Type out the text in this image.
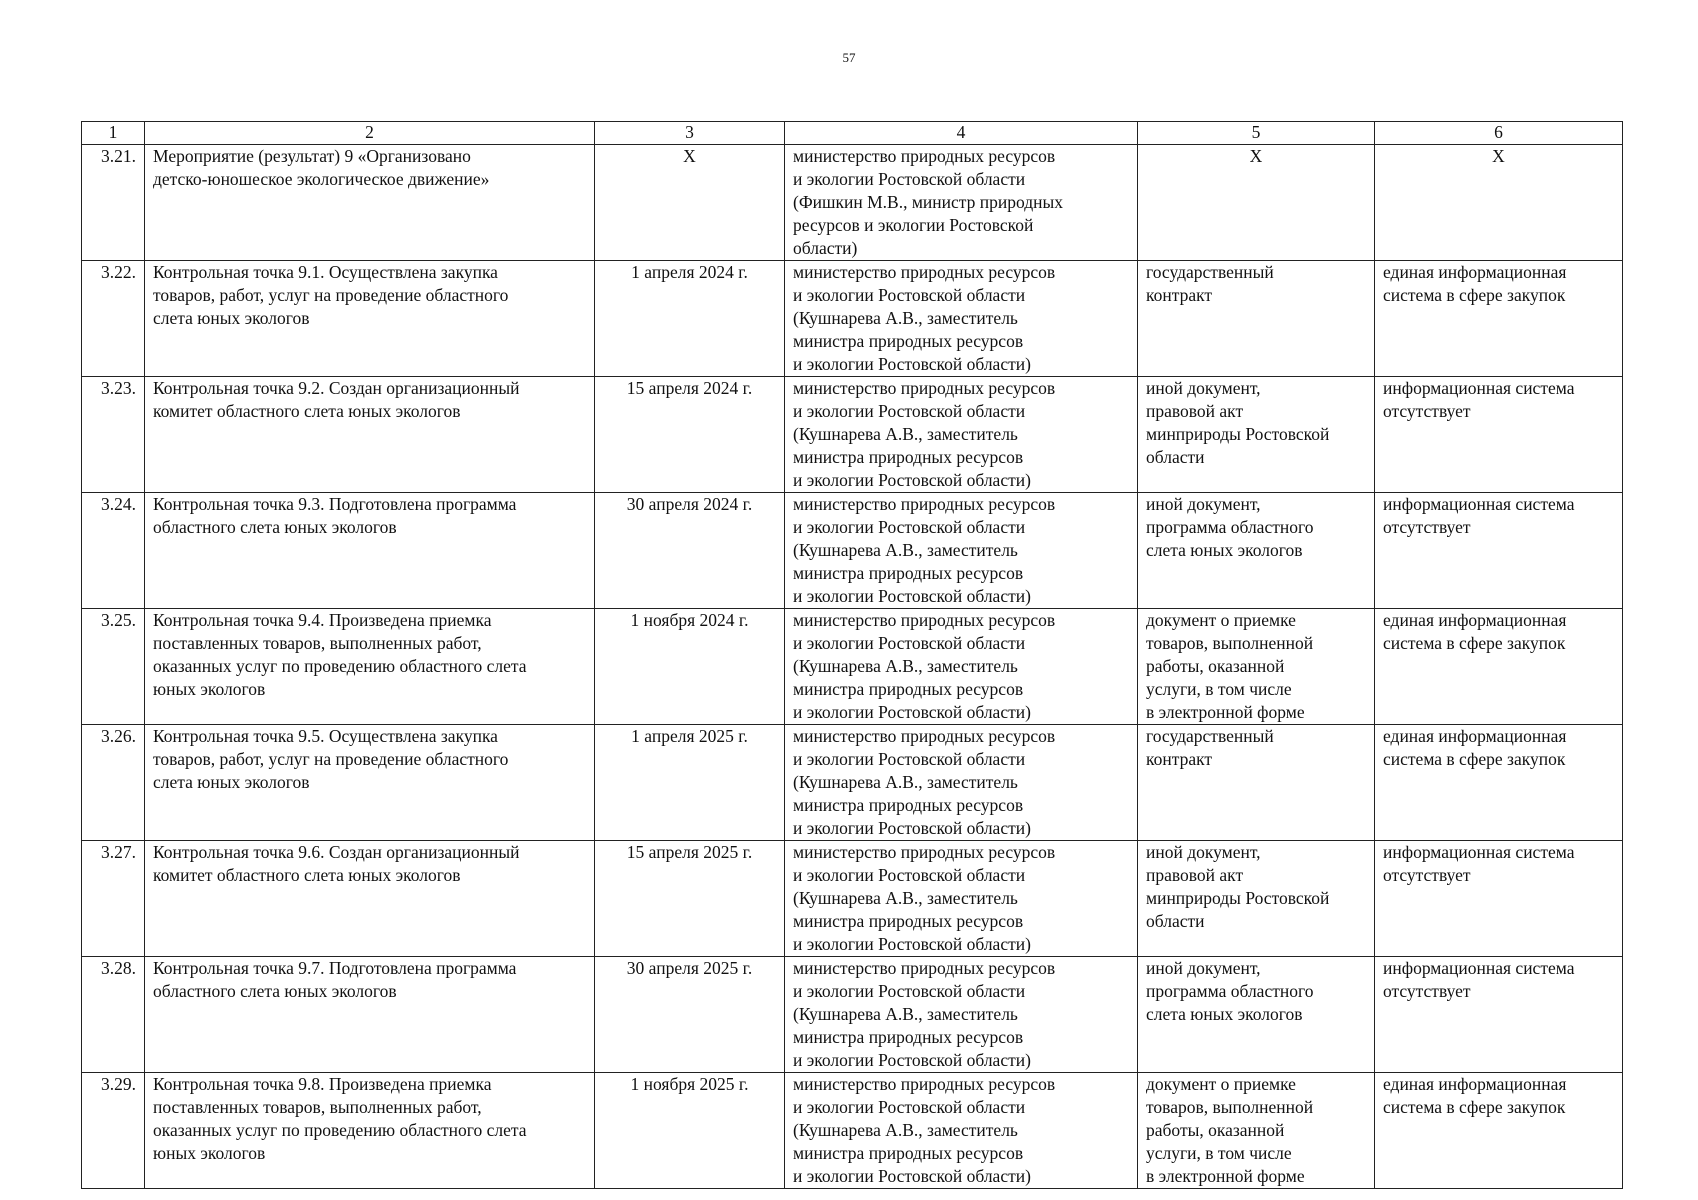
57
1	2	3	4	5	6
3.21.	Мероприятие (результат) 9 «Организовано
детско-юношеское экологическое движение»	Х	министерство природных ресурсов
и экологии Ростовской области
(Фишкин М.В., министр природных
ресурсов и экологии Ростовской
области)	Х	Х
3.22.	Контрольная точка 9.1. Осуществлена закупка
товаров, работ, услуг на проведение областного
слета юных экологов	1 апреля 2024 г.	министерство природных ресурсов
и экологии Ростовской области
(Кушнарева А.В., заместитель
министра природных ресурсов
и экологии Ростовской области)	государственный
контракт	единая информационная
система в сфере закупок
3.23.	Контрольная точка 9.2. Создан организационный
комитет областного слета юных экологов	15 апреля 2024 г.	министерство природных ресурсов
и экологии Ростовской области
(Кушнарева А.В., заместитель
министра природных ресурсов
и экологии Ростовской области)	иной документ,
правовой акт
минприроды Ростовской
области	информационная система
отсутствует
3.24.	Контрольная точка 9.3. Подготовлена программа
областного слета юных экологов	30 апреля 2024 г.	министерство природных ресурсов
и экологии Ростовской области
(Кушнарева А.В., заместитель
министра природных ресурсов
и экологии Ростовской области)	иной документ,
программа областного
слета юных экологов	информационная система
отсутствует
3.25.	Контрольная точка 9.4. Произведена приемка
поставленных товаров, выполненных работ,
оказанных услуг по проведению областного слета
юных экологов	1 ноября 2024 г.	министерство природных ресурсов
и экологии Ростовской области
(Кушнарева А.В., заместитель
министра природных ресурсов
и экологии Ростовской области)	документ о приемке
товаров, выполненной
работы, оказанной
услуги, в том числе
в электронной форме	единая информационная
система в сфере закупок
3.26.	Контрольная точка 9.5. Осуществлена закупка
товаров, работ, услуг на проведение областного
слета юных экологов	1 апреля 2025 г.	министерство природных ресурсов
и экологии Ростовской области
(Кушнарева А.В., заместитель
министра природных ресурсов
и экологии Ростовской области)	государственный
контракт	единая информационная
система в сфере закупок
3.27.	Контрольная точка 9.6. Создан организационный
комитет областного слета юных экологов	15 апреля 2025 г.	министерство природных ресурсов
и экологии Ростовской области
(Кушнарева А.В., заместитель
министра природных ресурсов
и экологии Ростовской области)	иной документ,
правовой акт
минприроды Ростовской
области	информационная система
отсутствует
3.28.	Контрольная точка 9.7. Подготовлена программа
областного слета юных экологов	30 апреля 2025 г.	министерство природных ресурсов
и экологии Ростовской области
(Кушнарева А.В., заместитель
министра природных ресурсов
и экологии Ростовской области)	иной документ,
программа областного
слета юных экологов	информационная система
отсутствует
3.29.	Контрольная точка 9.8. Произведена приемка
поставленных товаров, выполненных работ,
оказанных услуг по проведению областного слета
юных экологов	1 ноября 2025 г.	министерство природных ресурсов
и экологии Ростовской области
(Кушнарева А.В., заместитель
министра природных ресурсов
и экологии Ростовской области)	документ о приемке
товаров, выполненной
работы, оказанной
услуги, в том числе
в электронной форме	единая информационная
система в сфере закупок
